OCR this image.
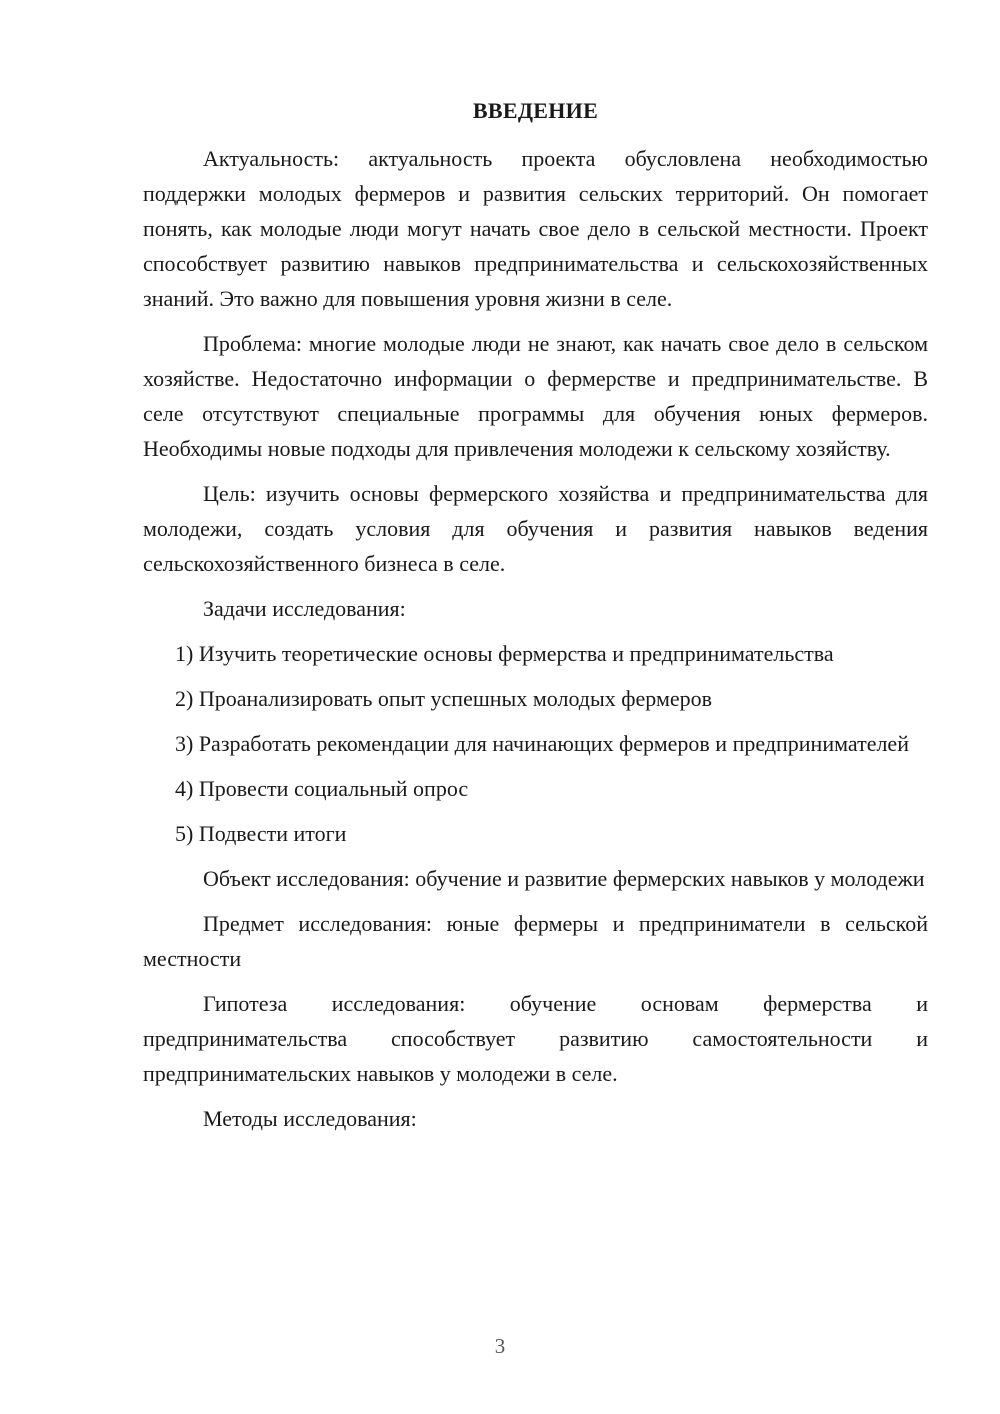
ВВЕДЕНИЕ

Актуальность: актуальность проекта обусловлена необходимостью поддержки молодых фермеров и развития сельских территорий. Он помогает понять, как молодые люди могут начать свое дело в сельской местности. Проект способствует развитию навыков предпринимательства и сельскохозяйственных знаний. Это важно для повышения уровня жизни в селе.

Проблема: многие молодые люди не знают, как начать свое дело в сельском хозяйстве. Недостаточно информации о фермерстве и предпринимательстве. В селе отсутствуют специальные программы для обучения юных фермеров. Необходимы новые подходы для привлечения молодежи к сельскому хозяйству.

Цель: изучить основы фермерского хозяйства и предпринимательства для молодежи, создать условия для обучения и развития навыков ведения сельскохозяйственного бизнеса в селе.

Задачи исследования:

1) Изучить теоретические основы фермерства и предпринимательства

2) Проанализировать опыт успешных молодых фермеров

3) Разработать рекомендации для начинающих фермеров и предпринимателей

4) Провести социальный опрос

5) Подвести итоги

Объект исследования: обучение и развитие фермерских навыков у молодежи

Предмет исследования: юные фермеры и предприниматели в сельской местности

Гипотеза исследования: обучение основам фермерства и предпринимательства способствует развитию самостоятельности и предпринимательских навыков у молодежи в селе.

Методы исследования:

3
